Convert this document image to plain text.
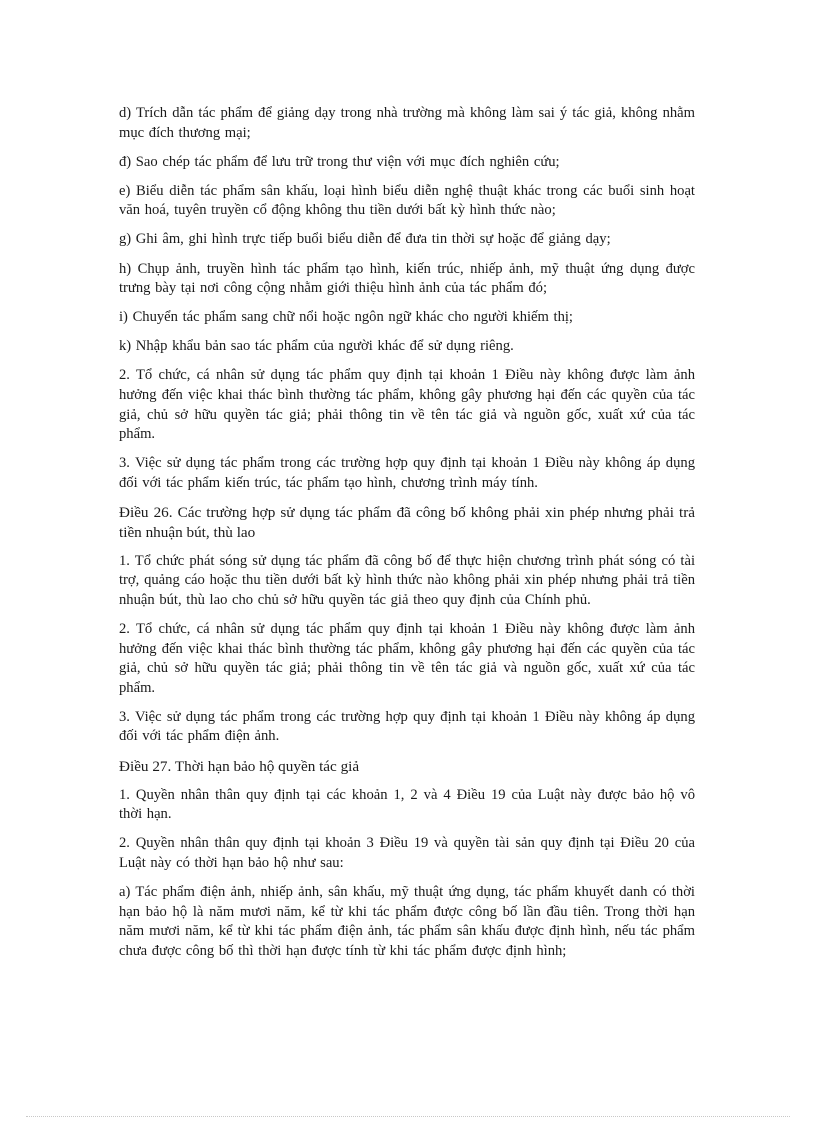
d) Trích dẫn tác phẩm để giảng dạy trong nhà trường mà không làm sai ý tác giả, không nhằm mục đích thương mại;

đ) Sao chép tác phẩm để lưu trữ trong thư viện với mục đích nghiên cứu;

e) Biểu diễn tác phẩm sân khấu, loại hình biểu diễn nghệ thuật khác trong các buổi sinh hoạt văn hoá, tuyên truyền cổ động không thu tiền dưới bất kỳ hình thức nào;

g) Ghi âm, ghi hình trực tiếp buổi biểu diễn để đưa tin thời sự hoặc để giảng dạy;

h) Chụp ảnh, truyền hình tác phẩm tạo hình, kiến trúc, nhiếp ảnh, mỹ thuật ứng dụng được trưng bày tại nơi công cộng nhằm giới thiệu hình ảnh của tác phẩm đó;

i) Chuyển tác phẩm sang chữ nổi hoặc ngôn ngữ khác cho người khiếm thị;

k) Nhập khẩu bản sao tác phẩm của người khác để sử dụng riêng.

2. Tổ chức, cá nhân sử dụng tác phẩm quy định tại khoản 1 Điều này không được làm ảnh hưởng đến việc khai thác bình thường tác phẩm, không gây phương hại đến các quyền của tác giả, chủ sở hữu quyền tác giả; phải thông tin về tên tác giả và nguồn gốc, xuất xứ của tác phẩm.

3. Việc sử dụng tác phẩm trong các trường hợp quy định tại khoản 1 Điều này không áp dụng đối với tác phẩm kiến trúc, tác phẩm tạo hình, chương trình máy tính.

Điều 26. Các trường hợp sử dụng tác phẩm đã công bố không phải xin phép nhưng phải trả tiền nhuận bút, thù lao

1. Tổ chức phát sóng sử dụng tác phẩm đã công bố để thực hiện chương trình phát sóng có tài trợ, quảng cáo hoặc thu tiền dưới bất kỳ hình thức nào không phải xin phép nhưng phải trả tiền nhuận bút, thù lao cho chủ sở hữu quyền tác giả theo quy định của Chính phủ.

2. Tổ chức, cá nhân sử dụng tác phẩm quy định tại khoản 1 Điều này không được làm ảnh hưởng đến việc khai thác bình thường tác phẩm, không gây phương hại đến các quyền của tác giả, chủ sở hữu quyền tác giả; phải thông tin về tên tác giả và nguồn gốc, xuất xứ của tác phẩm.

3. Việc sử dụng tác phẩm trong các trường hợp quy định tại khoản 1 Điều này không áp dụng đối với tác phẩm điện ảnh.

Điều 27. Thời hạn bảo hộ quyền tác giả

1. Quyền nhân thân quy định tại các khoản 1, 2 và 4 Điều 19 của Luật này được bảo hộ vô thời hạn.

2. Quyền nhân thân quy định tại khoản 3 Điều 19 và quyền tài sản quy định tại Điều 20 của Luật này có thời hạn bảo hộ như sau:

a) Tác phẩm điện ảnh, nhiếp ảnh, sân khấu, mỹ thuật ứng dụng, tác phẩm khuyết danh có thời hạn bảo hộ là năm mươi năm, kể từ khi tác phẩm được công bố lần đầu tiên. Trong thời hạn năm mươi năm, kể từ khi tác phẩm điện ảnh, tác phẩm sân khấu được định hình, nếu tác phẩm chưa được công bố thì thời hạn được tính từ khi tác phẩm được định hình;
